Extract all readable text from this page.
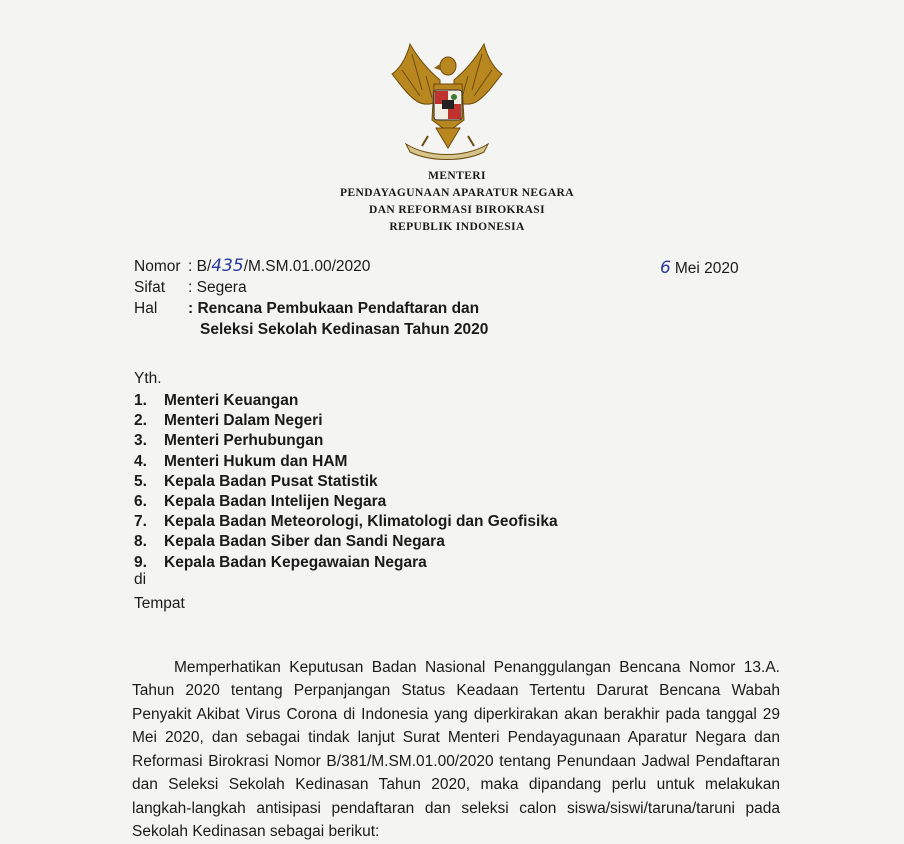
MENTERI
PENDAYAGUNAAN APARATUR NEGARA
DAN REFORMASI BIROKRASI
REPUBLIK INDONESIA
Nomor : B/435/M.SM.01.00/2020
Sifat : Segera
Hal : Rencana Pembukaan Pendaftaran dan
Seleksi Sekolah Kedinasan Tahun 2020
6 Mei 2020
Yth.
1. Menteri Keuangan
2. Menteri Dalam Negeri
3. Menteri Perhubungan
4. Menteri Hukum dan HAM
5. Kepala Badan Pusat Statistik
6. Kepala Badan Intelijen Negara
7. Kepala Badan Meteorologi, Klimatologi dan Geofisika
8. Kepala Badan Siber dan Sandi Negara
9. Kepala Badan Kepegawaian Negara
di
Tempat

Memperhatikan Keputusan Badan Nasional Penanggulangan Bencana Nomor 13.A. Tahun 2020 tentang Perpanjangan Status Keadaan Tertentu Darurat Bencana Wabah Penyakit Akibat Virus Corona di Indonesia yang diperkirakan akan berakhir pada tanggal 29 Mei 2020, dan sebagai tindak lanjut Surat Menteri Pendayagunaan Aparatur Negara dan Reformasi Birokrasi Nomor B/381/M.SM.01.00/2020 tentang Penundaan Jadwal Pendaftaran dan Seleksi Sekolah Kedinasan Tahun 2020, maka dipandang perlu untuk melakukan langkah-langkah antisipasi pendaftaran dan seleksi calon siswa/siswi/taruna/taruni pada Sekolah Kedinasan sebagai berikut:
